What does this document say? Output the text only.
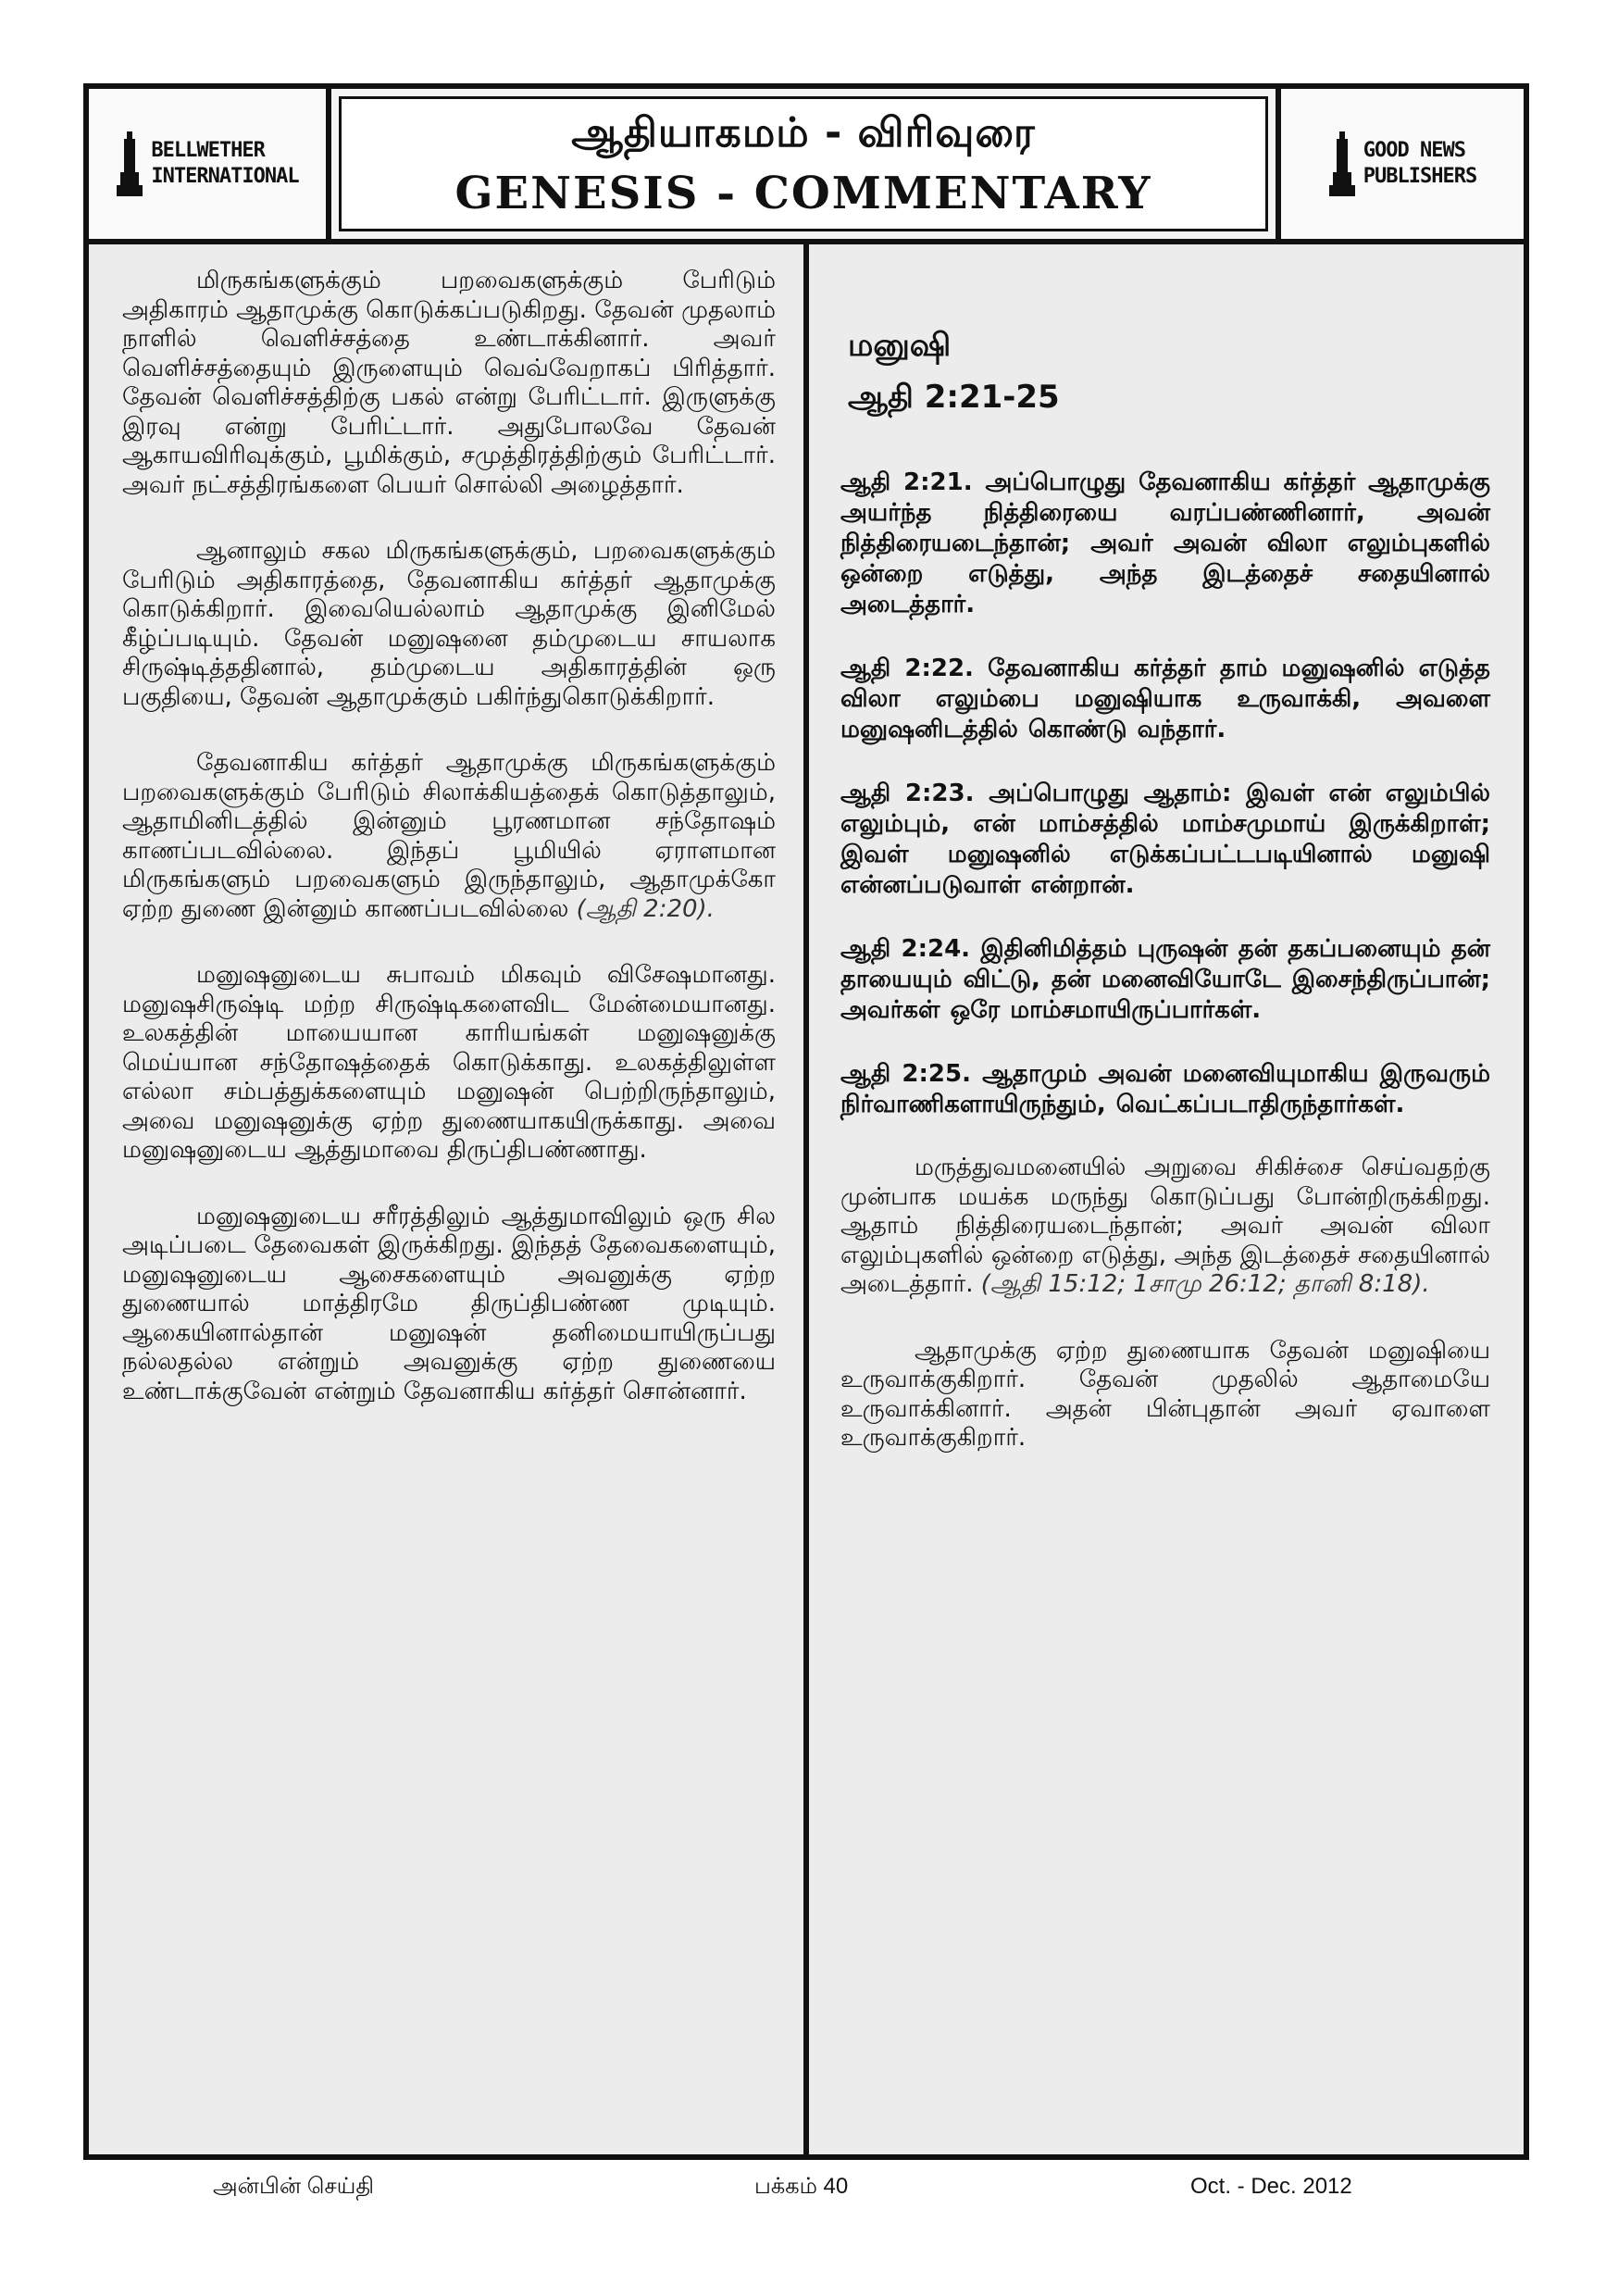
BELLWETHER
INTERNATIONAL
ஆதியாகமம் - விரிவுரை
GENESIS - COMMENTARY
GOOD NEWS
PUBLISHERS

மிருகங்களுக்கும் பறவைகளுக்கும் பேரிடும் அதிகாரம் ஆதாமுக்கு கொடுக்கப்படுகிறது. தேவன் முதலாம் நாளில் வெளிச்சத்தை உண்டாக்கினார். அவர் வெளிச்சத்தையும் இருளையும் வெவ்வேறாகப் பிரித்தார். தேவன் வெளிச்சத்திற்கு பகல் என்று பேரிட்டார். இருளுக்கு இரவு என்று பேரிட்டார். அதுபோலவே தேவன் ஆகாயவிரிவுக்கும், பூமிக்கும், சமுத்திரத்திற்கும் பேரிட்டார். அவர் நட்சத்திரங்களை பெயர் சொல்லி அழைத்தார்.

ஆனாலும் சகல மிருகங்களுக்கும், பறவைகளுக்கும் பேரிடும் அதிகாரத்தை, தேவனாகிய கர்த்தர் ஆதாமுக்கு கொடுக்கிறார். இவையெல்லாம் ஆதாமுக்கு இனிமேல் கீழ்ப்படியும். தேவன் மனுஷனை தம்முடைய சாயலாக சிருஷ்டித்ததினால், தம்முடைய அதிகாரத்தின் ஒரு பகுதியை, தேவன் ஆதாமுக்கும் பகிர்ந்துகொடுக்கிறார்.

தேவனாகிய கர்த்தர் ஆதாமுக்கு மிருகங்களுக்கும் பறவைகளுக்கும் பேரிடும் சிலாக்கியத்தைக் கொடுத்தாலும், ஆதாமினிடத்தில் இன்னும் பூரணமான சந்தோஷம் காணப்படவில்லை. இந்தப் பூமியில் ஏராளமான மிருகங்களும் பறவைகளும் இருந்தாலும், ஆதாமுக்கோ ஏற்ற துணை இன்னும் காணப்படவில்லை (ஆதி 2:20).

மனுஷனுடைய சுபாவம் மிகவும் விசேஷமானது. மனுஷசிருஷ்டி மற்ற சிருஷ்டிகளைவிட மேன்மையானது. உலகத்தின் மாயையான காரியங்கள் மனுஷனுக்கு மெய்யான சந்தோஷத்தைக் கொடுக்காது. உலகத்திலுள்ள எல்லா சம்பத்துக்களையும் மனுஷன் பெற்றிருந்தாலும், அவை மனுஷனுக்கு ஏற்ற துணையாகயிருக்காது. அவை மனுஷனுடைய ஆத்துமாவை திருப்திபண்ணாது.

மனுஷனுடைய சரீரத்திலும் ஆத்துமாவிலும் ஒரு சில அடிப்படை தேவைகள் இருக்கிறது. இந்தத் தேவைகளையும், மனுஷனுடைய ஆசைகளையும் அவனுக்கு ஏற்ற துணையால் மாத்திரமே திருப்திபண்ண முடியும். ஆகையினால்தான் மனுஷன் தனிமையாயிருப்பது நல்லதல்ல என்றும் அவனுக்கு ஏற்ற துணையை உண்டாக்குவேன் என்றும் தேவனாகிய கர்த்தர் சொன்னார்.

மனுஷி
ஆதி 2:21-25
ஆதி 2:21. அப்பொழுது தேவனாகிய கர்த்தர் ஆதாமுக்கு அயர்ந்த நித்திரையை வரப்பண்ணினார், அவன் நித்திரையடைந்தான்; அவர் அவன் விலா எலும்புகளில் ஒன்றை எடுத்து, அந்த இடத்தைச் சதையினால் அடைத்தார்.
ஆதி 2:22. தேவனாகிய கர்த்தர் தாம் மனுஷனில் எடுத்த விலா எலும்பை மனுஷியாக உருவாக்கி, அவளை மனுஷனிடத்தில் கொண்டு வந்தார்.
ஆதி 2:23. அப்பொழுது ஆதாம்: இவள் என் எலும்பில் எலும்பும், என் மாம்சத்தில் மாம்சமுமாய் இருக்கிறாள்; இவள் மனுஷனில் எடுக்கப்பட்டபடியினால் மனுஷி என்னப்படுவாள் என்றான்.
ஆதி 2:24. இதினிமித்தம் புருஷன் தன் தகப்பனையும் தன் தாயையும் விட்டு, தன் மனைவியோடே இசைந்திருப்பான்; அவர்கள் ஒரே மாம்சமாயிருப்பார்கள்.
ஆதி 2:25. ஆதாமும் அவன் மனைவியுமாகிய இருவரும் நிர்வாணிகளாயிருந்தும், வெட்கப்படாதிருந்தார்கள்.

மருத்துவமனையில் அறுவை சிகிச்சை செய்வதற்கு முன்பாக மயக்க மருந்து கொடுப்பது போன்றிருக்கிறது. ஆதாம் நித்திரையடைந்தான்; அவர் அவன் விலா எலும்புகளில் ஒன்றை எடுத்து, அந்த இடத்தைச் சதையினால் அடைத்தார். (ஆதி 15:12; 1சாமு 26:12; தானி 8:18).

ஆதாமுக்கு ஏற்ற துணையாக தேவன் மனுஷியை உருவாக்குகிறார். தேவன் முதலில் ஆதாமையே உருவாக்கினார். அதன் பின்புதான் அவர் ஏவாளை உருவாக்குகிறார்.

அன்பின் செய்தி	பக்கம் 40	Oct. - Dec. 2012
